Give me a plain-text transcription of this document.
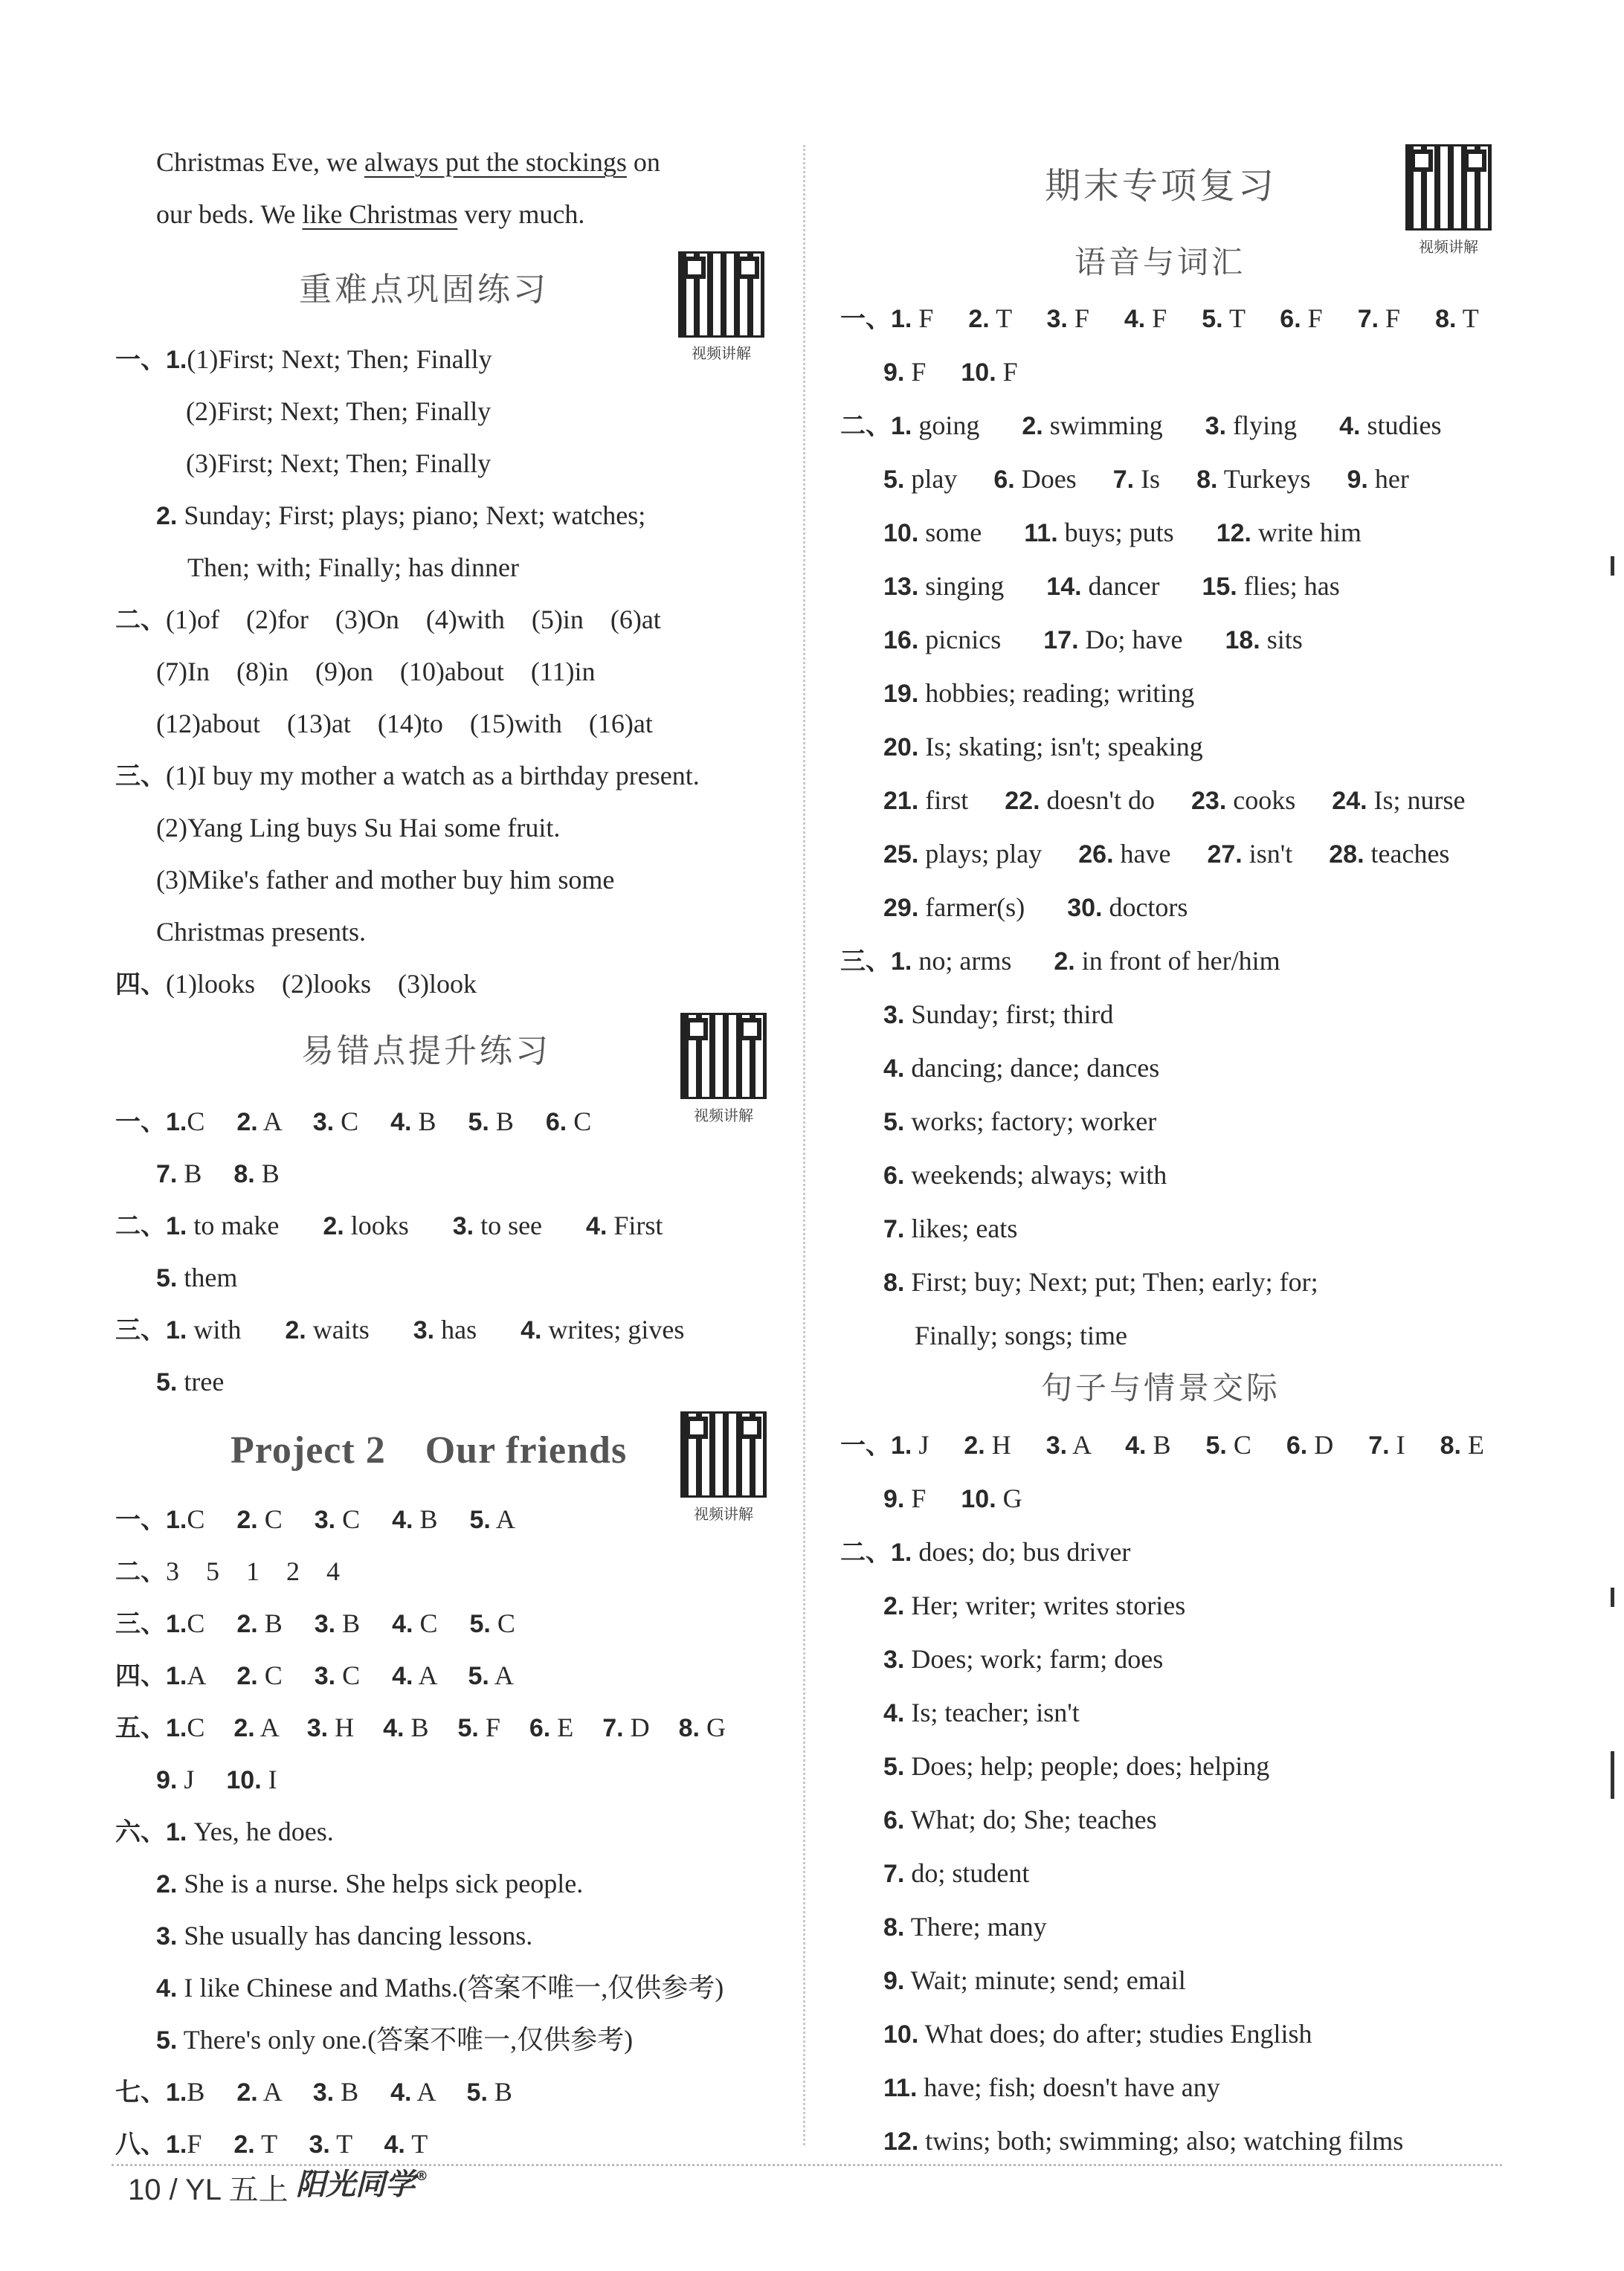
Christmas Eve, we always put the stockings on
our beds. We like Christmas very much.
重难点巩固练习
视频讲解
一、1.(1)First; Next; Then; Finally
(2)First; Next; Then; Finally
(3)First; Next; Then; Finally
2. Sunday; First; plays; piano; Next; watches;
Then; with; Finally; has dinner
二、(1)of　(2)for　(3)On　(4)with　(5)in　(6)at
(7)In　(8)in　(9)on　(10)about　(11)in
(12)about　(13)at　(14)to　(15)with　(16)at
三、(1)I buy my mother a watch as a birthday present.
(2)Yang Ling buys Su Hai some fruit.
(3)Mike's father and mother buy him some
Christmas presents.
四、(1)looks　(2)looks　(3)look
易错点提升练习
视频讲解
一、1.C 2. A 3. C 4. B 5. B 6. C
7. B 8. B
二、1. to make 2. looks 3. to see 4. First
5. them
三、1. with 2. waits 3. has 4. writes; gives
5. tree
Project 2　Our friends
视频讲解
一、1.C 2. C 3. C 4. B 5. A
二、3　5　1　2　4
三、1.C 2. B 3. B 4. C 5. C
四、1.A 2. C 3. C 4. A 5. A
五、1.C 2. A 3. H 4. B 5. F 6. E 7. D 8. G
9. J 10. I
六、1. Yes, he does.
2. She is a nurse. She helps sick people.
3. She usually has dancing lessons.
4. I like Chinese and Maths.(答案不唯一,仅供参考)
5. There's only one.(答案不唯一,仅供参考)
七、1.B 2. A 3. B 4. A 5. B
八、1.F 2. T 3. T 4. T
期末专项复习
视频讲解
语音与词汇
一、1. F 2. T 3. F 4. F 5. T 6. F 7. F 8. T
9. F 10. F
二、1. going 2. swimming 3. flying 4. studies
5. play 6. Does 7. Is 8. Turkeys 9. her
10. some 11. buys; puts 12. write him
13. singing 14. dancer 15. flies; has
16. picnics 17. Do; have 18. sits
19. hobbies; reading; writing
20. Is; skating; isn't; speaking
21. first 22. doesn't do 23. cooks 24. Is; nurse
25. plays; play 26. have 27. isn't 28. teaches
29. farmer(s) 30. doctors
三、1. no; arms 2. in front of her/him
3. Sunday; first; third
4. dancing; dance; dances
5. works; factory; worker
6. weekends; always; with
7. likes; eats
8. First; buy; Next; put; Then; early; for;
Finally; songs; time
句子与情景交际
一、1. J 2. H 3. A 4. B 5. C 6. D 7. I 8. E
9. F 10. G
二、1. does; do; bus driver
2. Her; writer; writes stories
3. Does; work; farm; does
4. Is; teacher; isn't
5. Does; help; people; does; helping
6. What; do; She; teaches
7. do; student
8. There; many
9. Wait; minute; send; email
10. What does; do after; studies English
11. have; fish; doesn't have any
12. twins; both; swimming; also; watching films
10 / YL 五上 阳光同学®
